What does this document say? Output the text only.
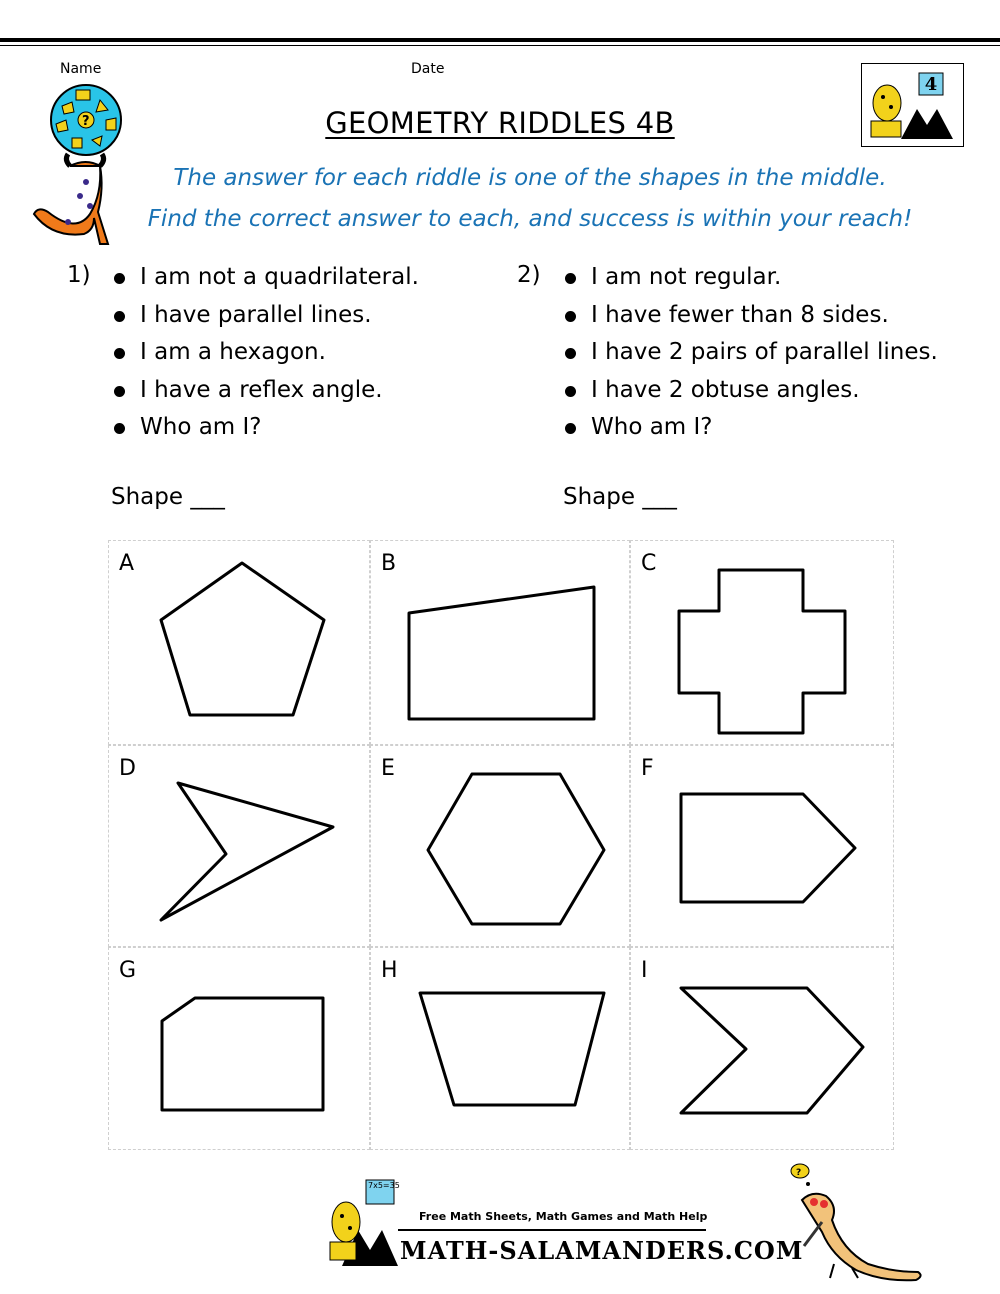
Name	Date
?
4
GEOMETRY RIDDLES 4B
The answer for each riddle is one of the shapes in the middle.
Find the correct answer to each, and success is within your reach!
1)	I am not a quadrilateral.
I have parallel lines.
I am a hexagon.
I have a reflex angle.
Who am I?
Shape ___
2)	I am not regular.
I have fewer than 8 sides.
I have 2 pairs of parallel lines.
I have 2 obtuse angles.
Who am I?
Shape ___
A	B	C
D	E	F
G	H	I
7x5=35
Free Math Sheets, Math Games and Math Help
MATH-SALAMANDERS.COM
?
